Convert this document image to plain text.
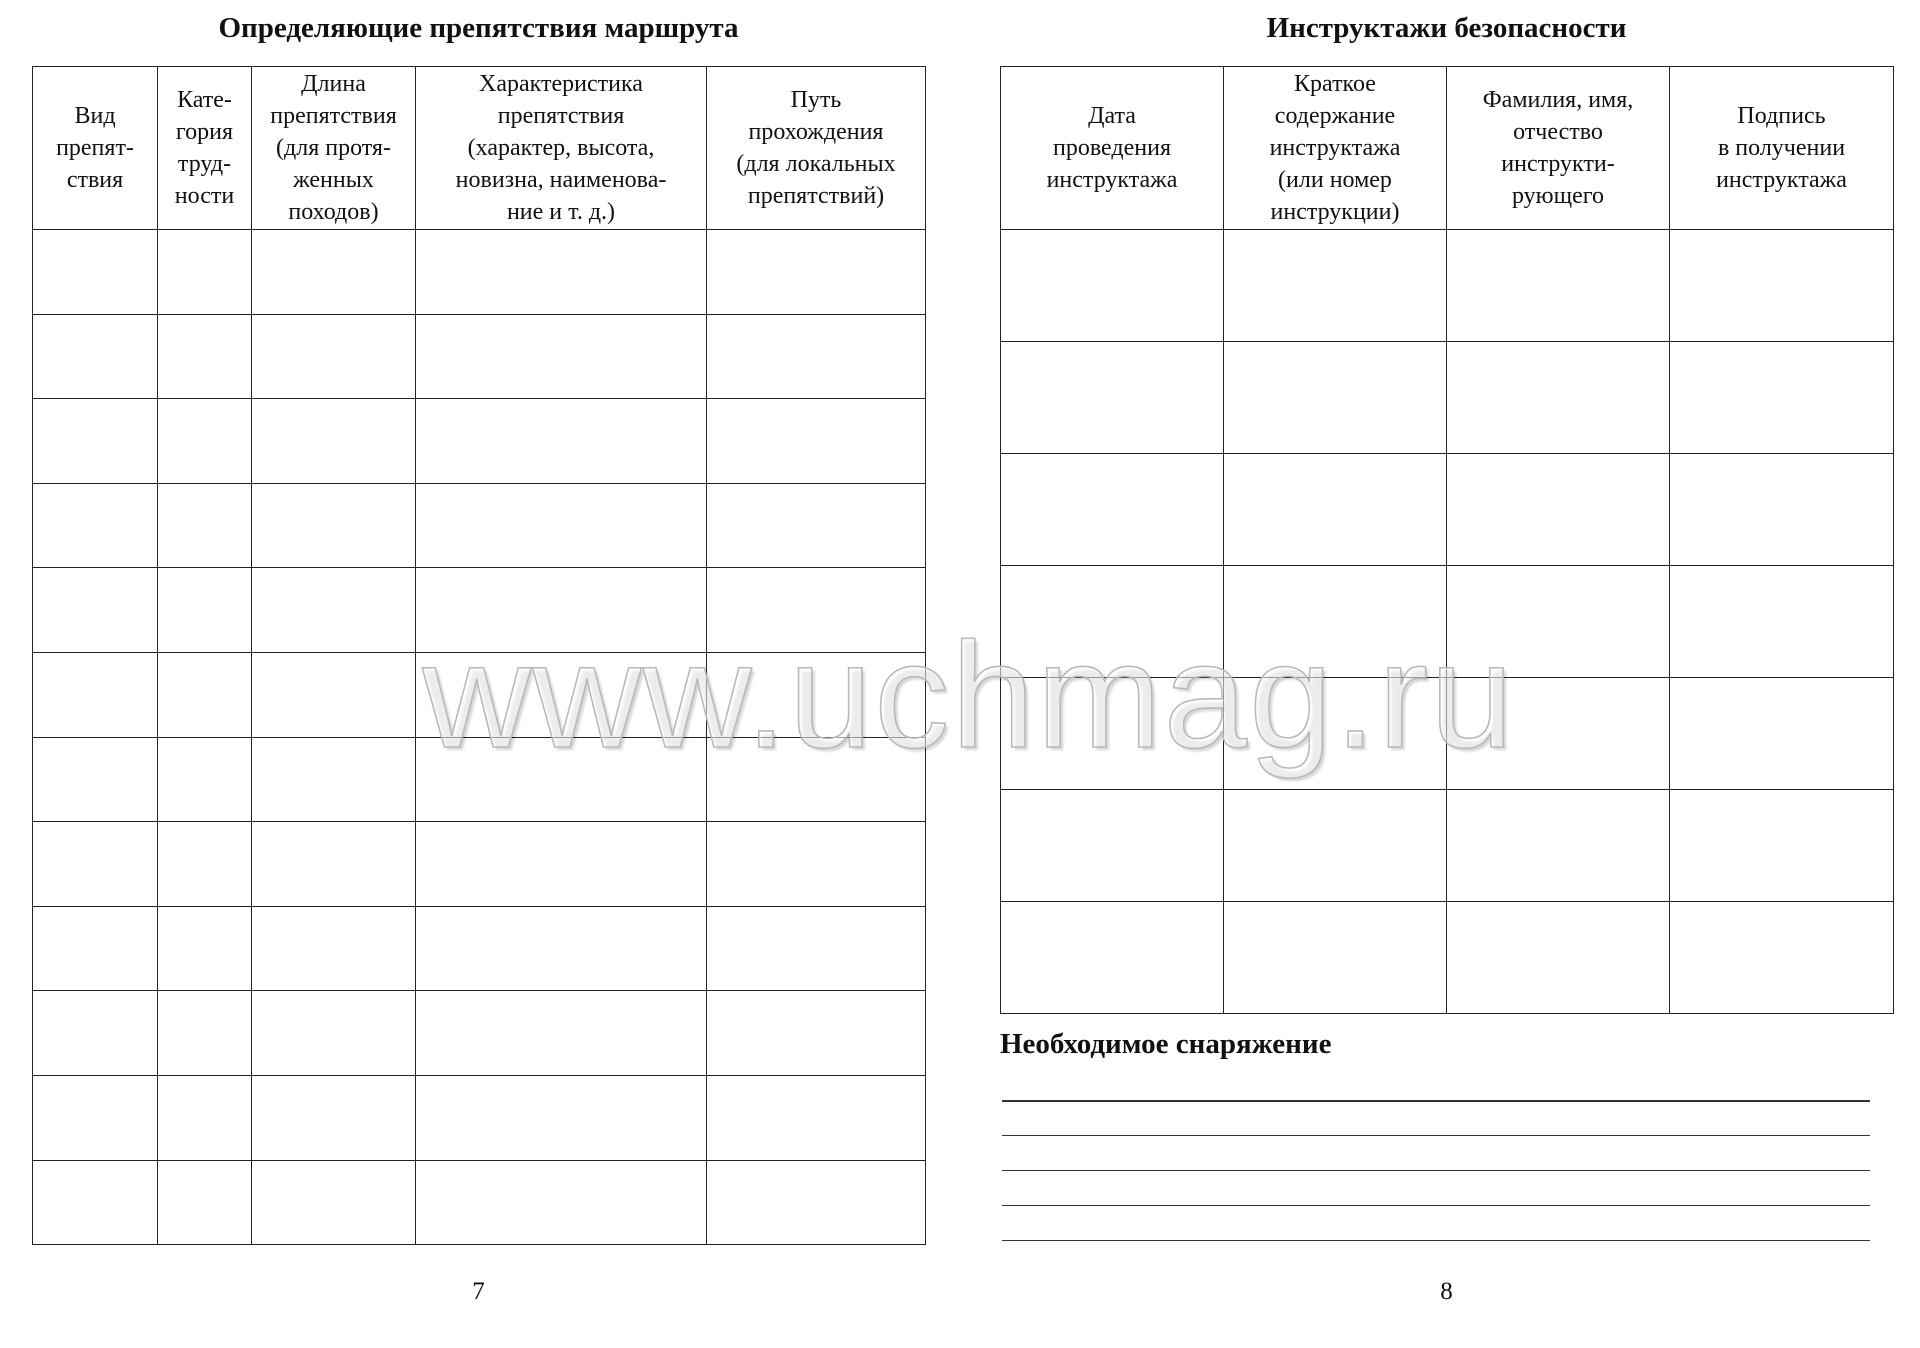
Определяющие препятствия маршрута
Вид
препят-
ствия	Кате-
гория
труд-
ности	Длина
препятствия
(для протя-
женных
походов)	Характеристика
препятствия
(характер, высота,
новизна, наименова-
ние и т. д.)	Путь
прохождения
(для локальных
препятствий)

7
Инструктажи безопасности
Дата
проведения
инструктажа	Краткое
содержание
инструктажа
(или номер
инструкции)	Фамилия, имя,
отчество
инструкти-
рующего	Подпись
в получении
инструктажа

8
Необходимое снаряжение
www.uchmag.ru
